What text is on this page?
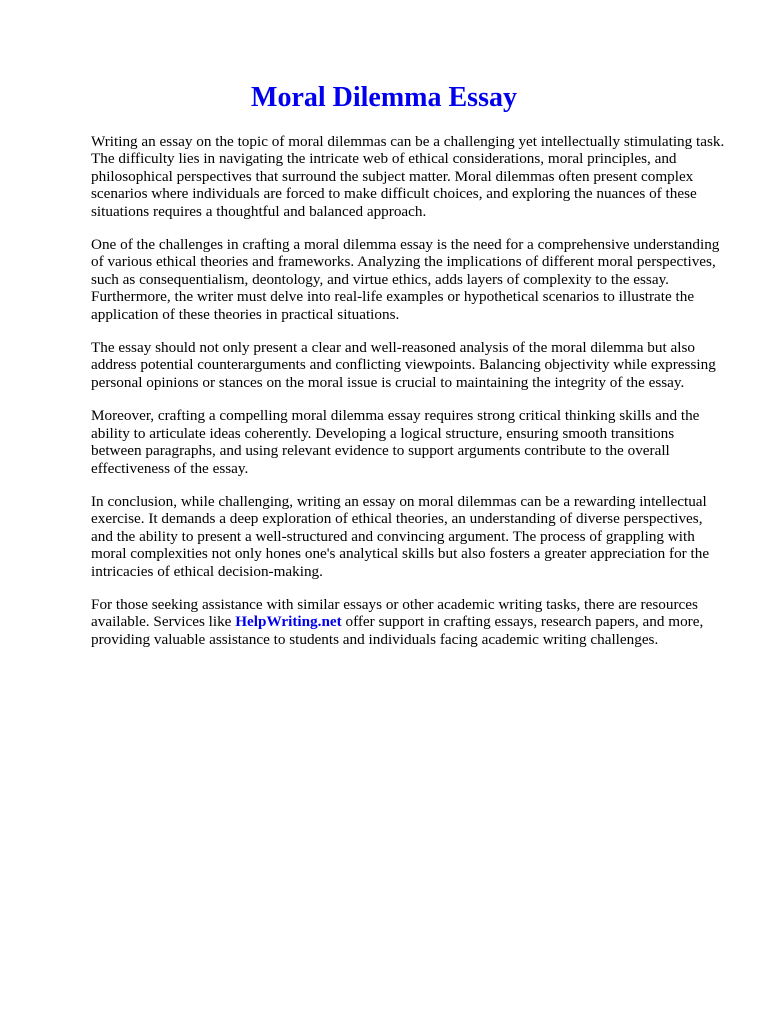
Moral Dilemma Essay

Writing an essay on the topic of moral dilemmas can be a challenging yet intellectually stimulating task. The difficulty lies in navigating the intricate web of ethical considerations, moral principles, and philosophical perspectives that surround the subject matter. Moral dilemmas often present complex scenarios where individuals are forced to make difficult choices, and exploring the nuances of these situations requires a thoughtful and balanced approach.

One of the challenges in crafting a moral dilemma essay is the need for a comprehensive understanding of various ethical theories and frameworks. Analyzing the implications of different moral perspectives, such as consequentialism, deontology, and virtue ethics, adds layers of complexity to the essay. Furthermore, the writer must delve into real-life examples or hypothetical scenarios to illustrate the application of these theories in practical situations.

The essay should not only present a clear and well-reasoned analysis of the moral dilemma but also address potential counterarguments and conflicting viewpoints. Balancing objectivity while expressing personal opinions or stances on the moral issue is crucial to maintaining the integrity of the essay.

Moreover, crafting a compelling moral dilemma essay requires strong critical thinking skills and the ability to articulate ideas coherently. Developing a logical structure, ensuring smooth transitions between paragraphs, and using relevant evidence to support arguments contribute to the overall effectiveness of the essay.

In conclusion, while challenging, writing an essay on moral dilemmas can be a rewarding intellectual exercise. It demands a deep exploration of ethical theories, an understanding of diverse perspectives, and the ability to present a well-structured and convincing argument. The process of grappling with moral complexities not only hones one's analytical skills but also fosters a greater appreciation for the intricacies of ethical decision-making.

For those seeking assistance with similar essays or other academic writing tasks, there are resources available. Services like HelpWriting.net offer support in crafting essays, research papers, and more, providing valuable assistance to students and individuals facing academic writing challenges.
